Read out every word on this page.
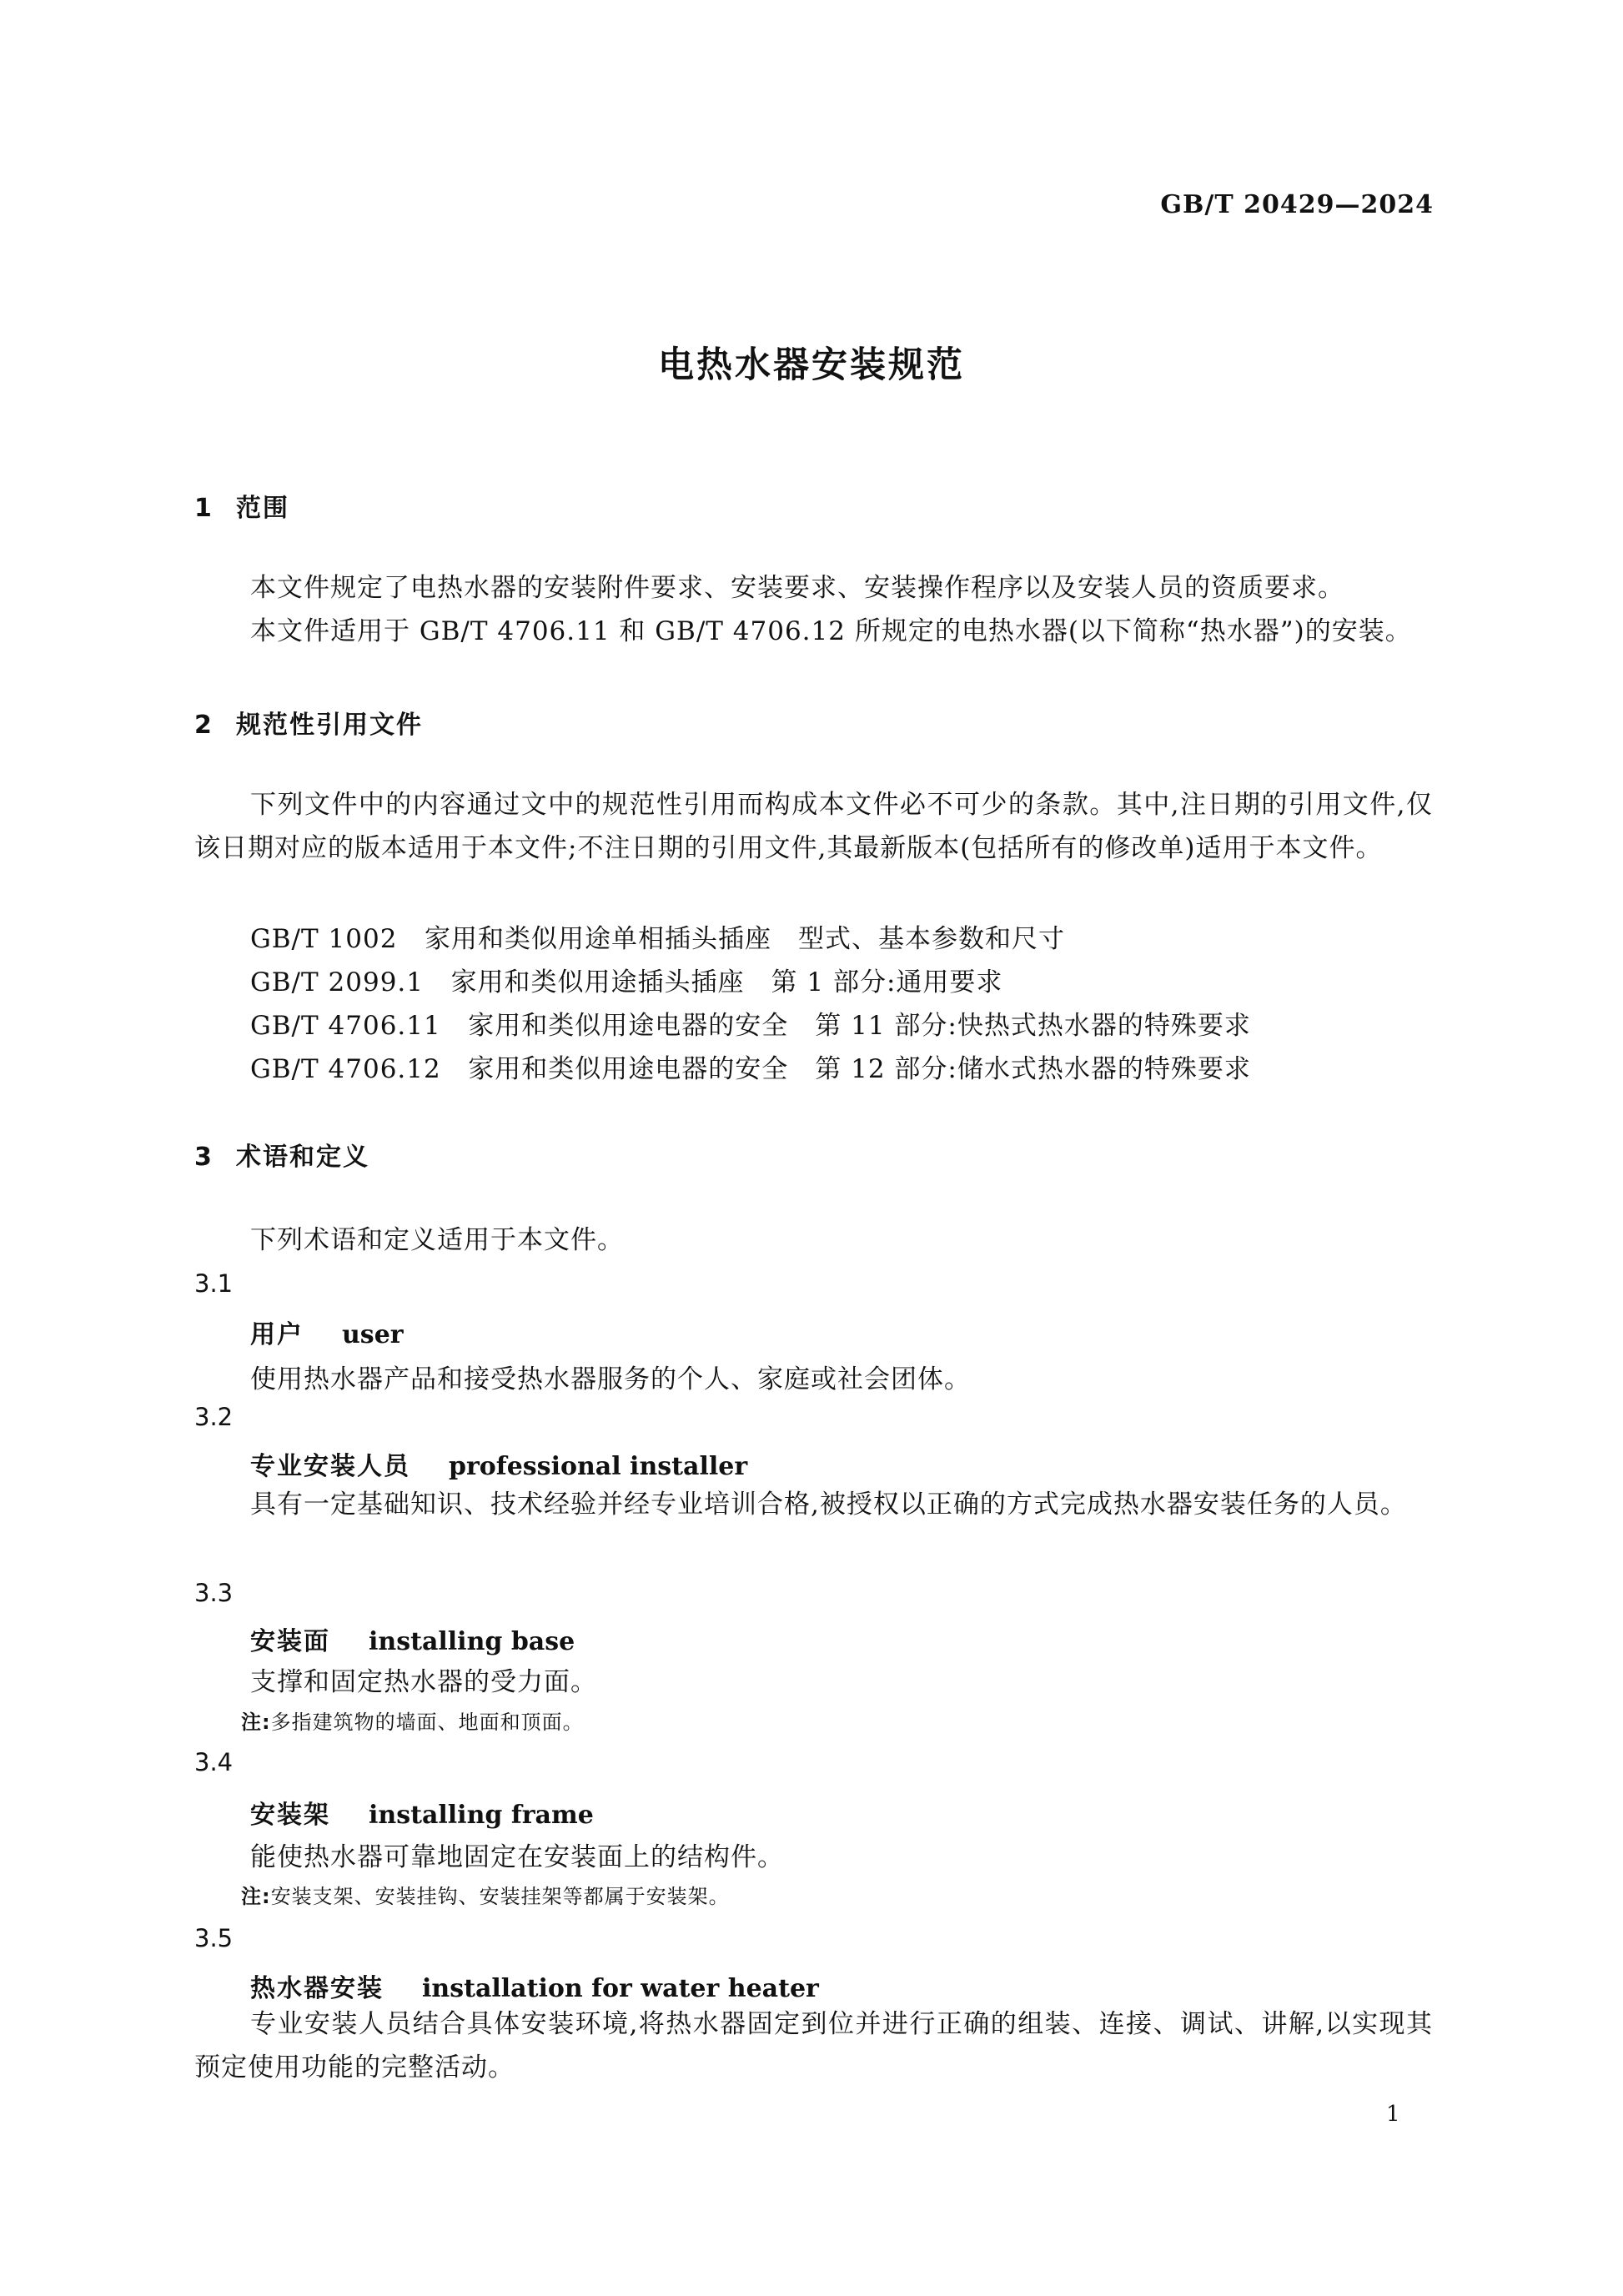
GB/T 20429—2024
电热水器安装规范
1 范围
本文件规定了电热水器的安装附件要求、安装要求、安装操作程序以及安装人员的资质要求。
本文件适用于 GB/T 4706.11 和 GB/T 4706.12 所规定的电热水器(以下简称“热水器”)的安装。
2 规范性引用文件
下列文件中的内容通过文中的规范性引用而构成本文件必不可少的条款。其中,注日期的引用文件,仅该日期对应的版本适用于本文件;不注日期的引用文件,其最新版本(包括所有的修改单)适用于本文件。
GB/T 1002 家用和类似用途单相插头插座　型式、基本参数和尺寸
GB/T 2099.1 家用和类似用途插头插座　第 1 部分:通用要求
GB/T 4706.11 家用和类似用途电器的安全　第 11 部分:快热式热水器的特殊要求
GB/T 4706.12 家用和类似用途电器的安全　第 12 部分:储水式热水器的特殊要求
3 术语和定义
下列术语和定义适用于本文件。
3.1
用户 user
使用热水器产品和接受热水器服务的个人、家庭或社会团体。
3.2
专业安装人员 professional installer
具有一定基础知识、技术经验并经专业培训合格,被授权以正确的方式完成热水器安装任务的人员。
3.3
安装面 installing base
支撑和固定热水器的受力面。
注:多指建筑物的墙面、地面和顶面。
3.4
安装架 installing frame
能使热水器可靠地固定在安装面上的结构件。
注:安装支架、安装挂钩、安装挂架等都属于安装架。
3.5
热水器安装 installation for water heater
专业安装人员结合具体安装环境,将热水器固定到位并进行正确的组装、连接、调试、讲解,以实现其预定使用功能的完整活动。
1
